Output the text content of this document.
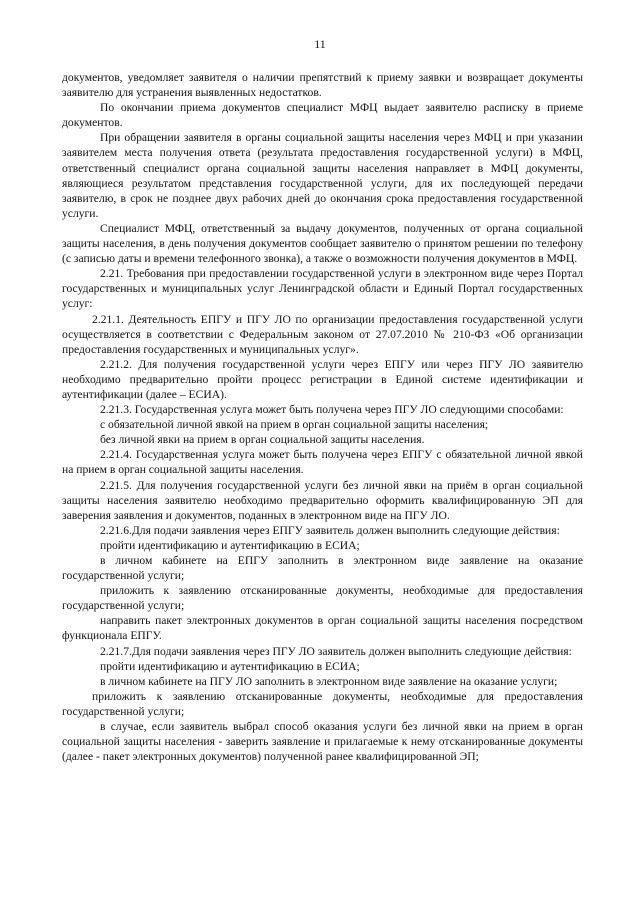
11

документов, уведомляет заявителя о наличии препятствий к приему заявки и возвращает документы заявителю для устранения выявленных недостатков.

По окончании приема документов специалист МФЦ выдает заявителю расписку в приеме документов.

При обращении заявителя в органы социальной защиты населения через МФЦ и при указании заявителем места получения ответа (результата предоставления государственной услуги) в МФЦ, ответственный специалист органа социальной защиты населения направляет в МФЦ документы, являющиеся результатом представления государственной услуги, для их последующей передачи заявителю, в срок не позднее двух рабочих дней до окончания срока предоставления государственной услуги.

Специалист МФЦ, ответственный за выдачу документов, полученных от органа социальной защиты населения, в день получения документов сообщает заявителю о принятом решении по телефону (с записью даты и времени телефонного звонка), а также о возможности получения документов в МФЦ.

2.21. Требования при предоставлении государственной услуги в электронном виде через Портал государственных и муниципальных услуг Ленинградской области и Единый Портал государственных услуг:

2.21.1. Деятельность ЕПГУ и ПГУ ЛО по организации предоставления государственной услуги осуществляется в соответствии с Федеральным законом от 27.07.2010 № 210-ФЗ «Об организации предоставления государственных и муниципальных услуг».

2.21.2. Для получения государственной услуги через ЕПГУ или через ПГУ ЛО заявителю необходимо предварительно пройти процесс регистрации в Единой системе идентификации и аутентификации (далее – ЕСИА).

2.21.3. Государственная услуга может быть получена через ПГУ ЛО следующими способами:

с обязательной личной явкой на прием в орган социальной защиты населения;

без личной явки на прием в орган социальной защиты населения.

2.21.4. Государственная услуга может быть получена через ЕПГУ с обязательной личной явкой на прием в орган социальной защиты населения.

2.21.5. Для получения государственной услуги без личной явки на приём в орган социальной защиты населения заявителю необходимо предварительно оформить квалифицированную ЭП для заверения заявления и документов, поданных в электронном виде на ПГУ ЛО.

2.21.6.Для подачи заявления через ЕПГУ заявитель должен выполнить следующие действия:

пройти идентификацию и аутентификацию в ЕСИА;

в личном кабинете на ЕПГУ заполнить в электронном виде заявление на оказание государственной услуги;

приложить к заявлению отсканированные документы, необходимые для предоставления государственной услуги;

направить пакет электронных документов в орган социальной защиты населения посредством функционала ЕПГУ.

2.21.7.Для подачи заявления через ПГУ ЛО заявитель должен выполнить следующие действия:

пройти идентификацию и аутентификацию в ЕСИА;

в личном кабинете на ПГУ ЛО заполнить в электронном виде заявление на оказание услуги;

приложить к заявлению отсканированные документы, необходимые для предоставления государственной услуги;

в случае, если заявитель выбрал способ оказания услуги без личной явки на прием в орган социальной защиты населения - заверить заявление и прилагаемые к нему отсканированные документы (далее - пакет электронных документов) полученной ранее квалифицированной ЭП;
